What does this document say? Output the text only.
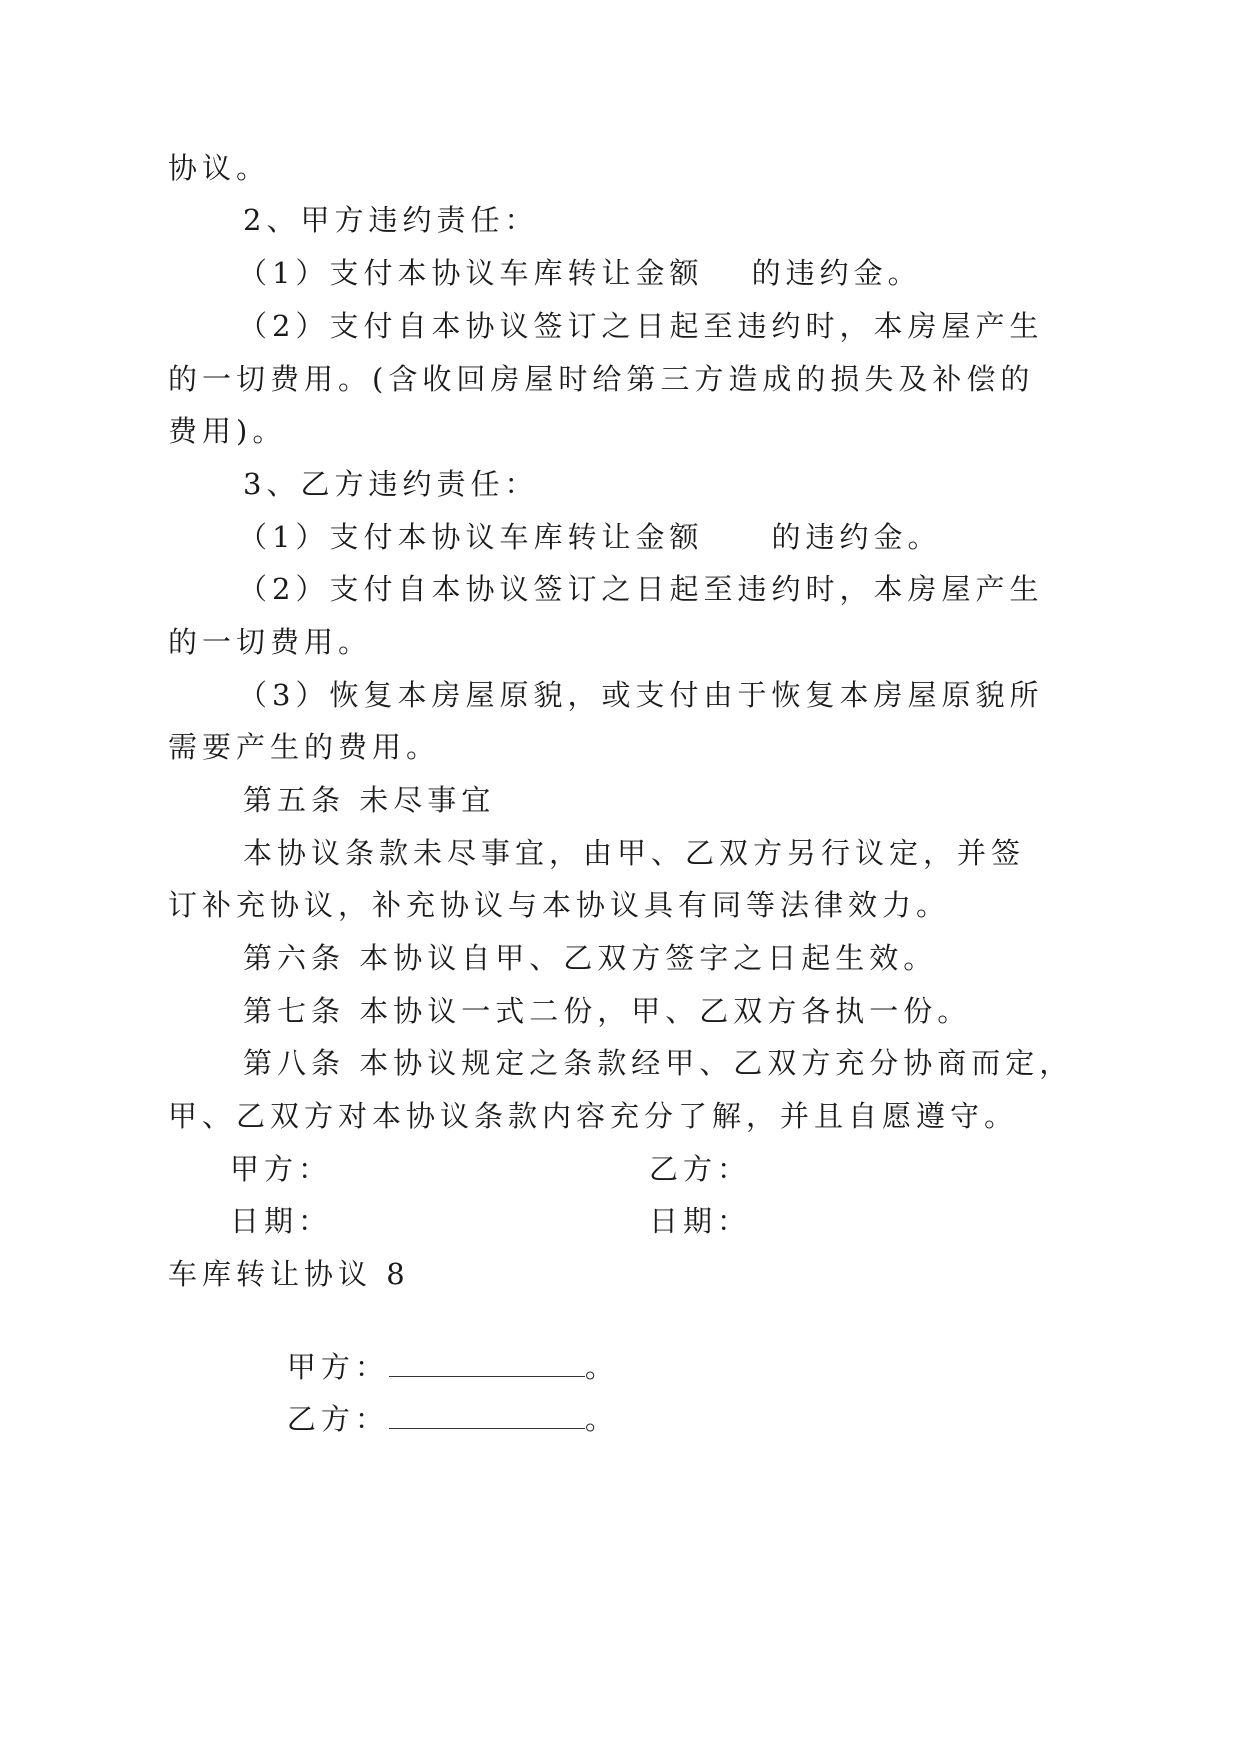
协议。
2、甲方违约责任：
（1）支付本协议车库转让金额　 的违约金。
（2）支付自本协议签订之日起至违约时，本房屋产生
的一切费用。(含收回房屋时给第三方造成的损失及补偿的
费用)。
3、乙方违约责任：
（1）支付本协议车库转让金额　　的违约金。
（2）支付自本协议签订之日起至违约时，本房屋产生
的一切费用。
（3）恢复本房屋原貌，或支付由于恢复本房屋原貌所
需要产生的费用。
第五条 未尽事宜
本协议条款未尽事宜，由甲、乙双方另行议定，并签
订补充协议，补充协议与本协议具有同等法律效力。
第六条 本协议自甲、乙双方签字之日起生效。
第七条 本协议一式二份，甲、乙双方各执一份。
第八条 本协议规定之条款经甲、乙双方充分协商而定，
甲、乙双方对本协议条款内容充分了解，并且自愿遵守。
甲方：	乙方：
日期：	日期：
车库转让协议 8

甲方：	。

乙方：	。
